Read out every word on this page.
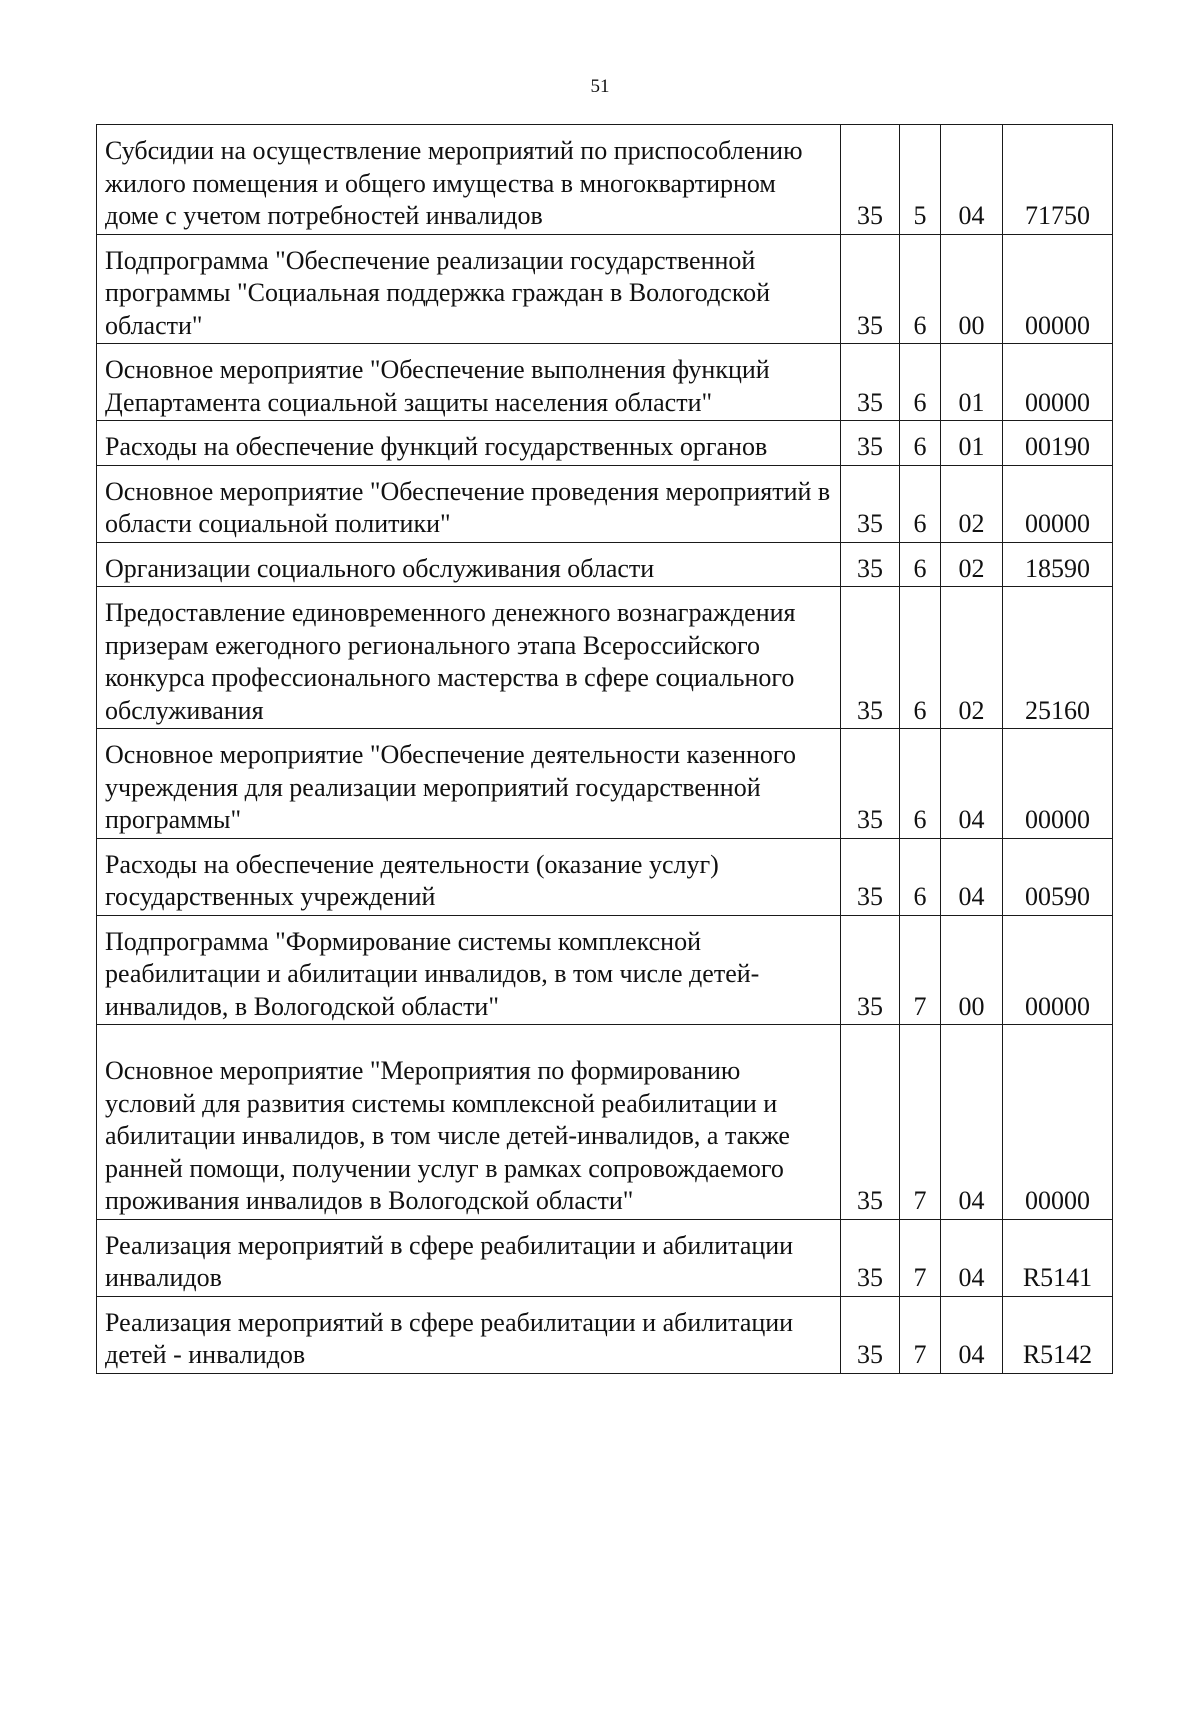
51
Субсидии на осуществление мероприятий по приспособлению жилого помещения и общего имущества в многоквартирном доме с учетом потребностей инвалидов	35	5	04	71750
Подпрограмма "Обеспечение реализации государственной программы "Социальная поддержка граждан в Вологодской области"	35	6	00	00000
Основное мероприятие "Обеспечение выполнения функций Департамента социальной защиты населения области"	35	6	01	00000
Расходы на обеспечение функций государственных органов	35	6	01	00190
Основное мероприятие "Обеспечение проведения мероприятий в области социальной политики"	35	6	02	00000
Организации социального обслуживания области	35	6	02	18590
Предоставление единовременного денежного вознаграждения призерам ежегодного регионального этапа Всероссийского конкурса профессионального мастерства в сфере социального обслуживания	35	6	02	25160
Основное мероприятие "Обеспечение деятельности казенного учреждения для реализации мероприятий государственной программы"	35	6	04	00000
Расходы на обеспечение деятельности (оказание услуг) государственных учреждений	35	6	04	00590
Подпрограмма "Формирование системы комплексной реабилитации и абилитации инвалидов, в том числе детей-инвалидов, в Вологодской области"	35	7	00	00000

Основное мероприятие "Мероприятия по формированию условий для развития системы комплексной реабилитации и абилитации инвалидов, в том числе детей-инвалидов, а также ранней помощи, получении услуг в рамках сопровождаемого проживания инвалидов в Вологодской области"	35	7	04	00000
Реализация мероприятий в сфере реабилитации и абилитации инвалидов	35	7	04	R5141
Реализация мероприятий в сфере реабилитации и абилитации детей - инвалидов	35	7	04	R5142
